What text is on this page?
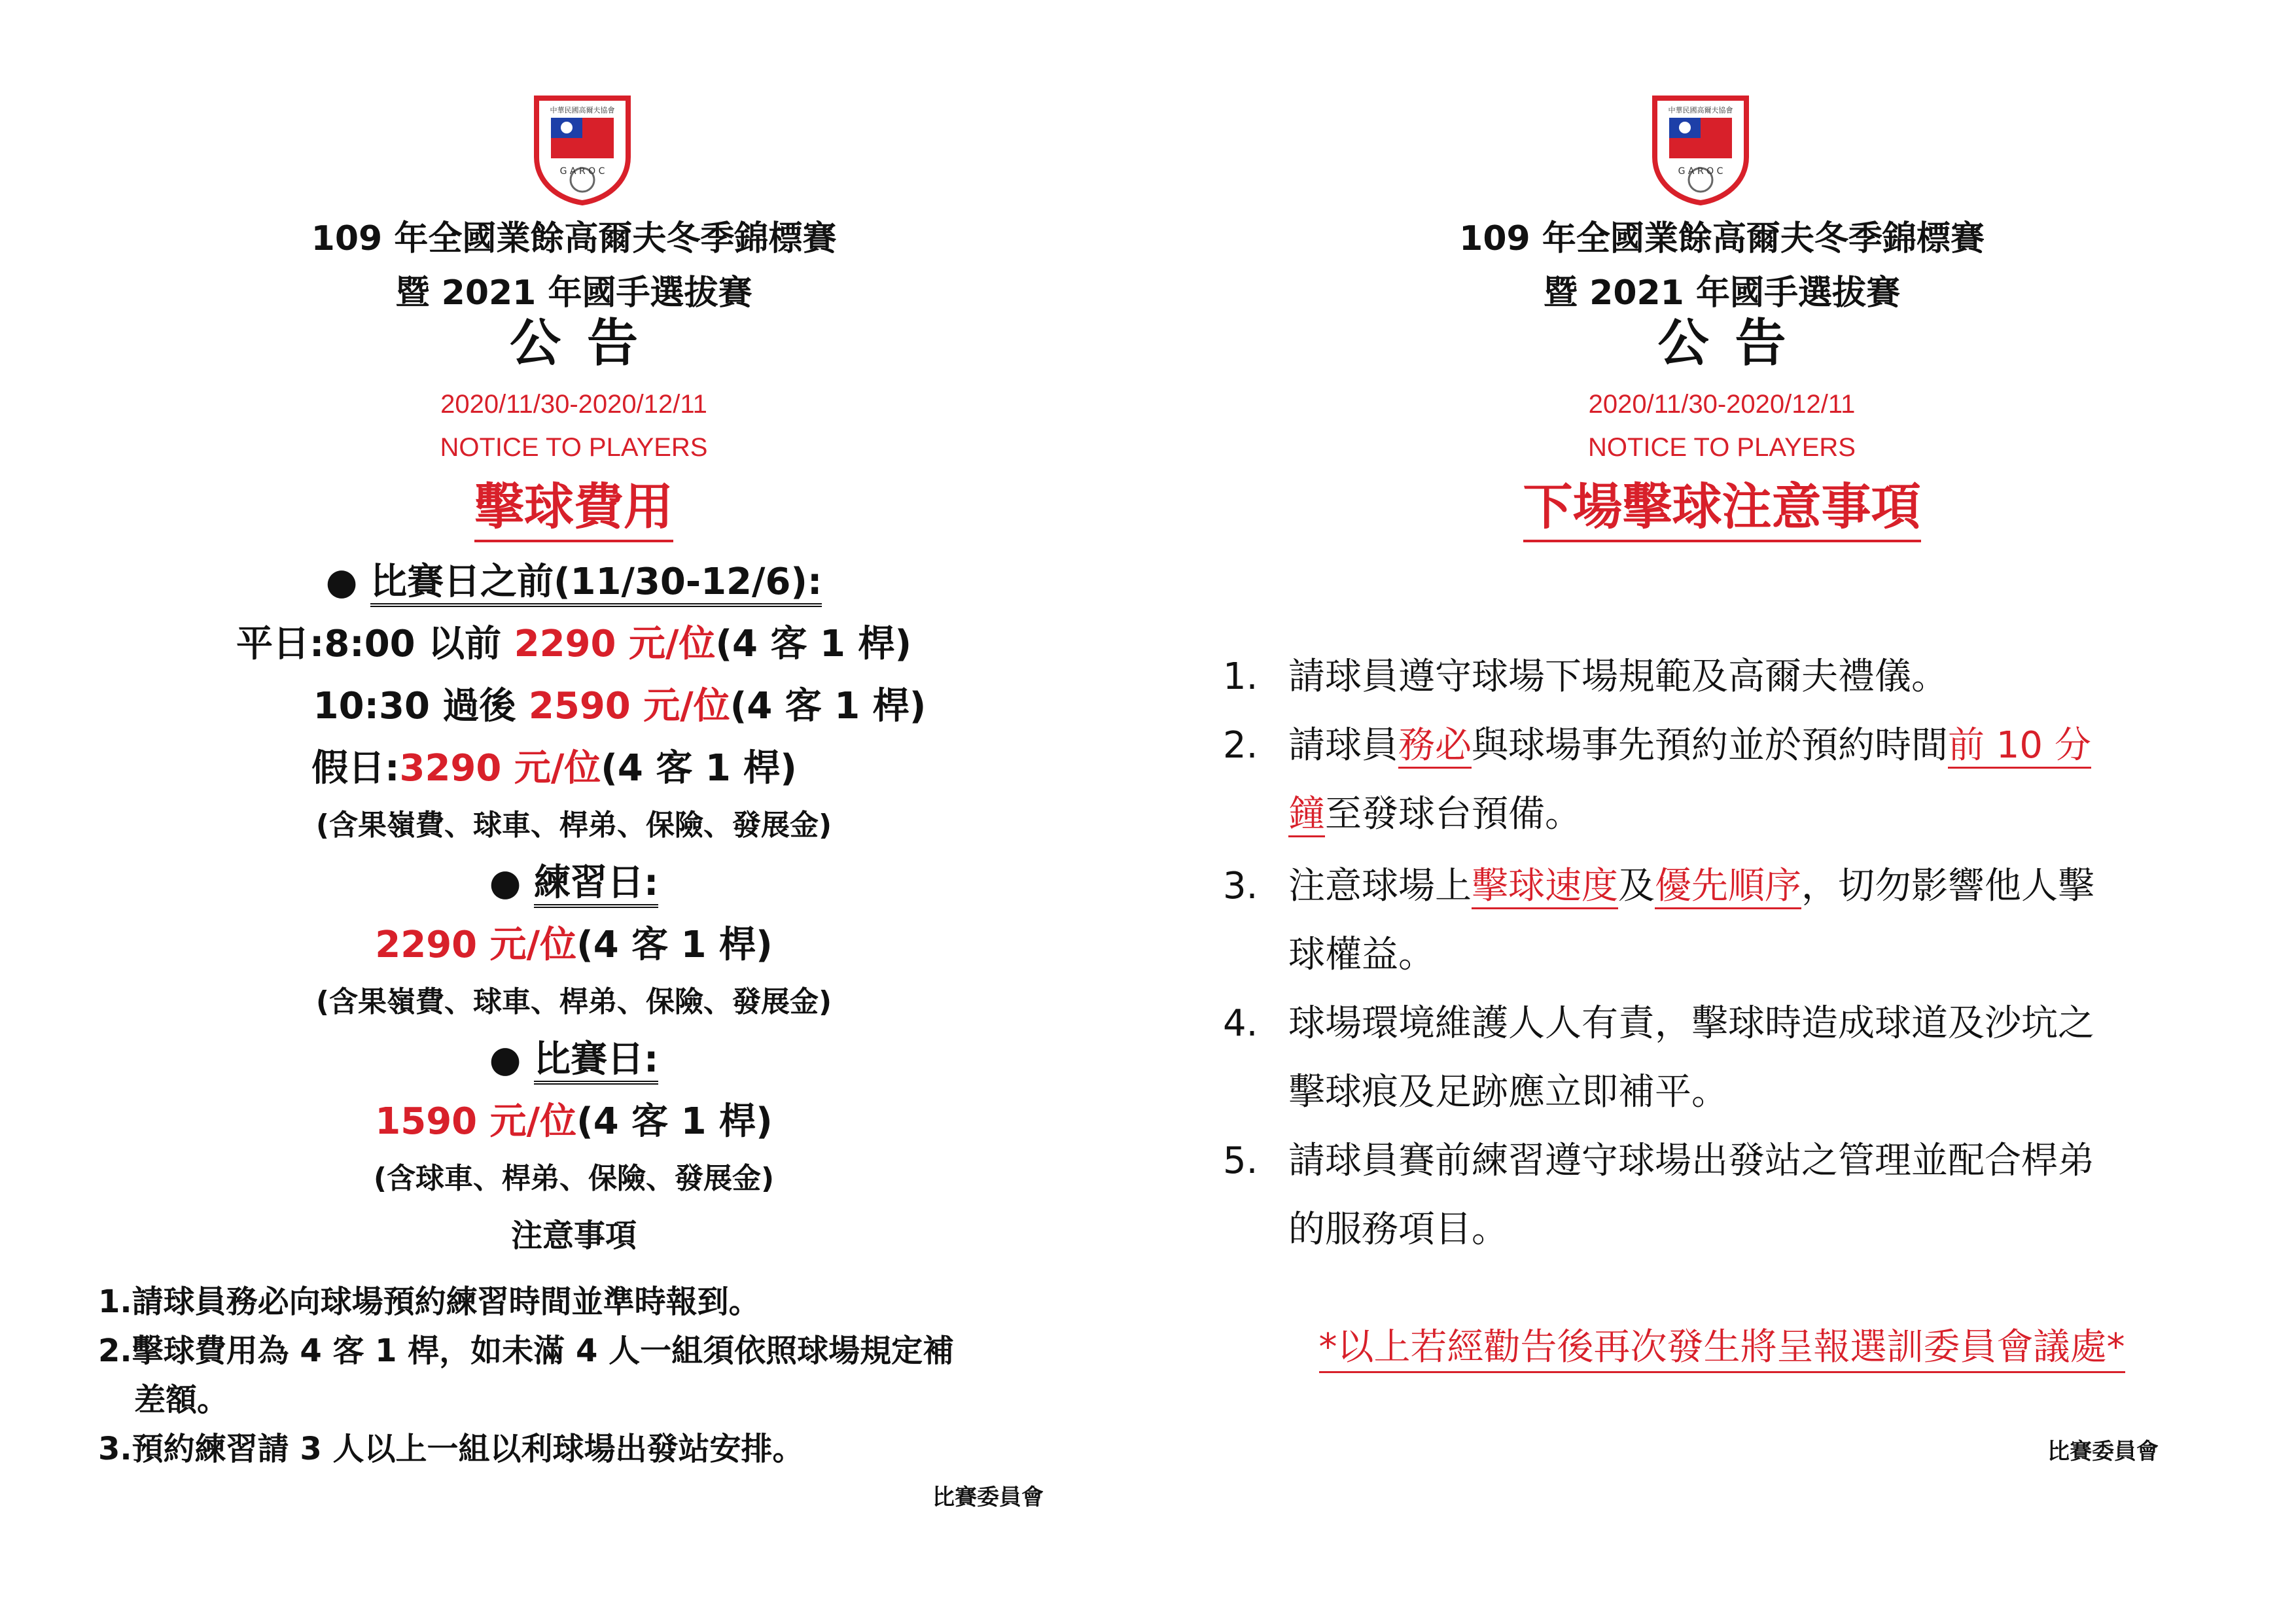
中華民國高爾夫協會
G A R O C
109 年全國業餘高爾夫冬季錦標賽
暨 2021 年國手選拔賽
公告
2020/11/30-2020/12/11
NOTICE TO PLAYERS
擊球費用
● 比賽日之前(11/30-12/6):
平日:8:00 以前 2290 元/位(4 客 1 桿)
10:30 過後 2590 元/位(4 客 1 桿)
假日:3290 元/位(4 客 1 桿)
(含果嶺費、球車、桿弟、保險、發展金)
● 練習日:
2290 元/位(4 客 1 桿)
(含果嶺費、球車、桿弟、保險、發展金)
● 比賽日:
1590 元/位(4 客 1 桿)
(含球車、桿弟、保險、發展金)
注意事項
1.請球員務必向球場預約練習時間並準時報到。
2.擊球費用為 4 客 1 桿，如未滿 4 人一組須依照球場規定補
差額。
3.預約練習請 3 人以上一組以利球場出發站安排。
比賽委員會
中華民國高爾夫協會
G A R O C
109 年全國業餘高爾夫冬季錦標賽
暨 2021 年國手選拔賽
公告
2020/11/30-2020/12/11
NOTICE TO PLAYERS
下場擊球注意事項
1. 請球員遵守球場下場規範及高爾夫禮儀。
2. 請球員務必與球場事先預約並於預約時間前 10 分
鐘至發球台預備。
3. 注意球場上擊球速度及優先順序，切勿影響他人擊
球權益。
4. 球場環境維護人人有責，擊球時造成球道及沙坑之
擊球痕及足跡應立即補平。
5. 請球員賽前練習遵守球場出發站之管理並配合桿弟
的服務項目。
*以上若經勸告後再次發生將呈報選訓委員會議處*
比賽委員會
